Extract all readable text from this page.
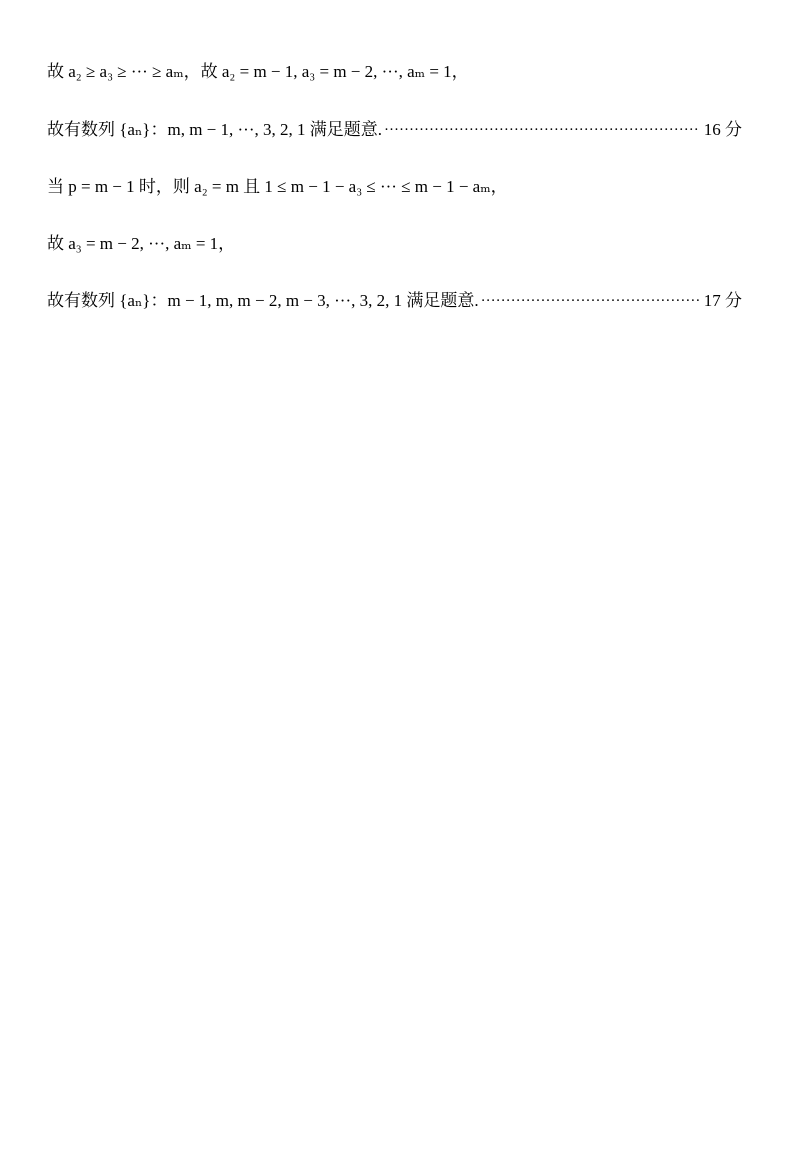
故 a₂ ≥ a₃ ≥ ··· ≥ aₘ，故 a₂ = m − 1, a₃ = m − 2, ···, aₘ = 1，
故有数列 {aₙ}：m, m − 1, ···, 3, 2, 1 满足题意. ·····	16 分
当 p = m − 1 时，则 a₂ = m 且 1 ≤ m − 1 − a₃ ≤ ··· ≤ m − 1 − aₘ，
故 a₃ = m − 2, ···, aₘ = 1，
故有数列 {aₙ}：m − 1, m, m − 2, m − 3, ···, 3, 2, 1 满足题意. ·····	17 分
